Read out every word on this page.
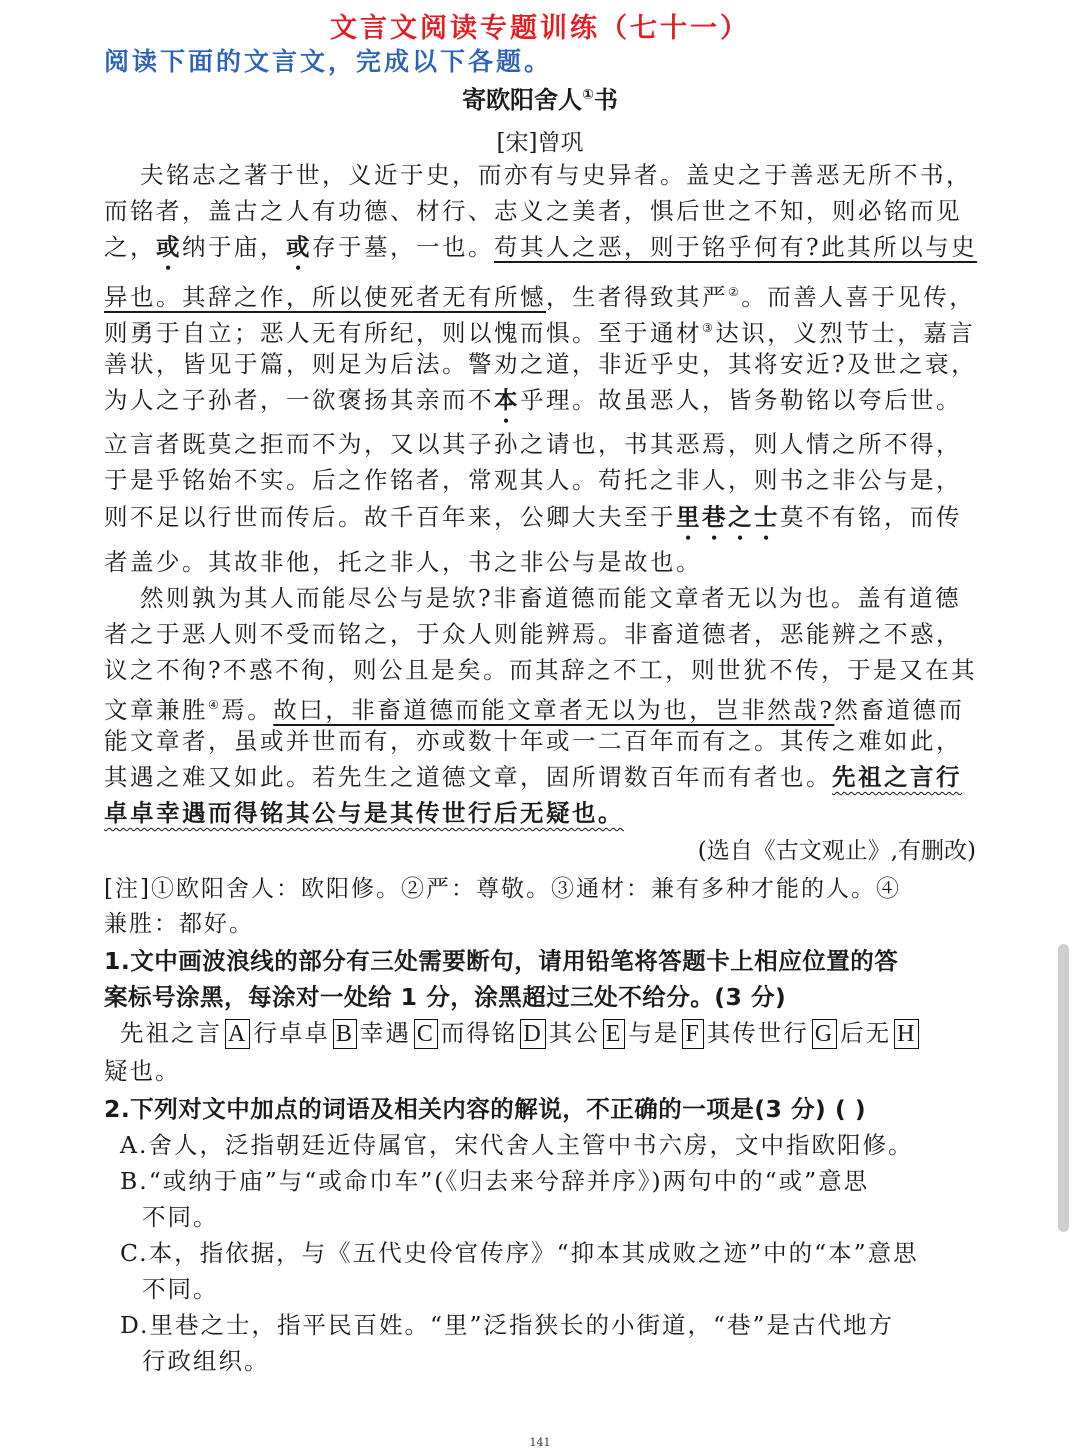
文言文阅读专题训练（七十一）
阅读下面的文言文，完成以下各题。
寄欧阳舍人①书
[宋]曾巩
夫铭志之著于世，义近于史，而亦有与史异者。盖史之于善恶无所不书，
而铭者，盖古之人有功德、材行、志义之美者，惧后世之不知，则必铭而见
之，或纳于庙，或存于墓，一也。苟其人之恶，则于铭乎何有?此其所以与史
异也。其辞之作，所以使死者无有所憾，生者得致其严②。而善人喜于见传，
则勇于自立；恶人无有所纪，则以愧而惧。至于通材③达识，义烈节士，嘉言
善状，皆见于篇，则足为后法。警劝之道，非近乎史，其将安近?及世之衰，
为人之子孙者，一欲褒扬其亲而不本乎理。故虽恶人，皆务勒铭以夸后世。
立言者既莫之拒而不为，又以其子孙之请也，书其恶焉，则人情之所不得，
于是乎铭始不实。后之作铭者，常观其人。苟托之非人，则书之非公与是，
则不足以行世而传后。故千百年来，公卿大夫至于里巷之士莫不有铭，而传
者盖少。其故非他，托之非人，书之非公与是故也。
然则孰为其人而能尽公与是欤?非畜道德而能文章者无以为也。盖有道德
者之于恶人则不受而铭之，于众人则能辨焉。非畜道德者，恶能辨之不惑，
议之不徇?不惑不徇，则公且是矣。而其辞之不工，则世犹不传，于是又在其
文章兼胜④焉。故曰，非畜道德而能文章者无以为也，岂非然哉?然畜道德而
能文章者，虽或并世而有，亦或数十年或一二百年而有之。其传之难如此，
其遇之难又如此。若先生之道德文章，固所谓数百年而有者也。先祖之言行
卓卓幸遇而得铭其公与是其传世行后无疑也。
(选自《古文观止》,有删改)
[注]①欧阳舍人：欧阳修。②严：尊敬。③通材：兼有多种才能的人。④
兼胜：都好。
1.文中画波浪线的部分有三处需要断句，请用铅笔将答题卡上相应位置的答
案标号涂黑，每涂对一处给 1 分，涂黑超过三处不给分。(3 分)
先祖之言 A 行卓卓 B 幸遇 C 而得铭 D 其公 E 与是 F 其传世行 G 后无 H
疑也。
2.下列对文中加点的词语及相关内容的解说，不正确的一项是(3 分) ( )
A.舍人，泛指朝廷近侍属官，宋代舍人主管中书六房，文中指欧阳修。
B.“或纳于庙”与“或命巾车”(《归去来兮辞并序》)两句中的“或”意思
不同。
C.本，指依据，与《五代史伶官传序》“抑本其成败之迹”中的“本”意思
不同。
D.里巷之士，指平民百姓。“里”泛指狭长的小街道，“巷”是古代地方
行政组织。
141
